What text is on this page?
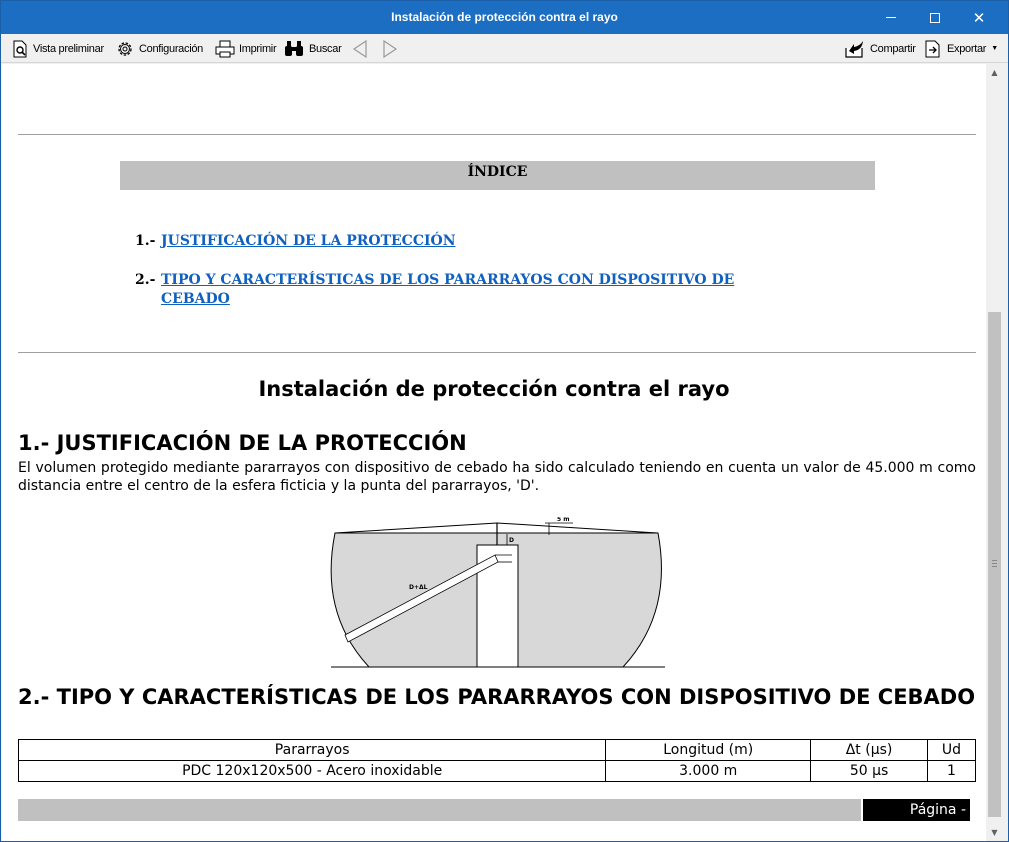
Instalación de protección contra el rayo	✕
Vista preliminar	Configuración	Imprimir	Buscar	Compartir	Exportar ▼
ÍNDICE
1.- JUSTIFICACIÓN DE LA PROTECCIÓN
2.- TIPO Y CARACTERÍSTICAS DE LOS PARARRAYOS CON DISPOSITIVO DE CEBADO
Instalación de protección contra el rayo
1.- JUSTIFICACIÓN DE LA PROTECCIÓN
El volumen protegido mediante pararrayos con dispositivo de cebado ha sido calculado teniendo en cuenta un valor de 45.000 m como distancia entre el centro de la esfera ficticia y la punta del pararrayos, 'D'.
D
5 m
D+ΔL
2.- TIPO Y CARACTERÍSTICAS DE LOS PARARRAYOS CON DISPOSITIVO DE CEBADO
Pararrayos	Longitud (m)	Δt (µs)	Ud
PDC 120x120x500 - Acero inoxidable	3.000 m	50 µs	1
Página -
▲
▼
